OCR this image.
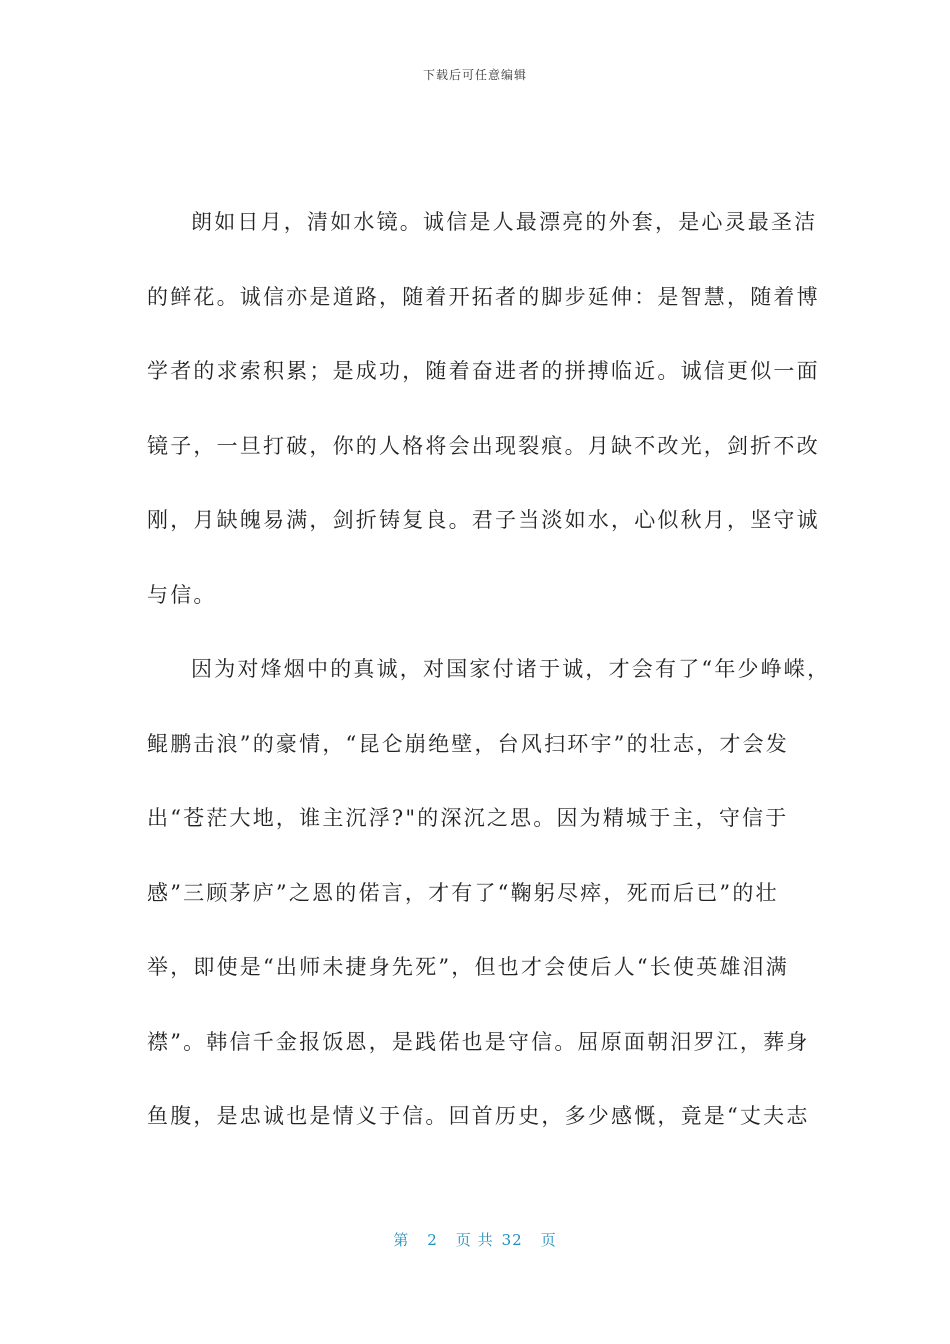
下载后可任意编辑
朗如日月，清如水镜。诚信是人最漂亮的外套，是心灵最圣洁
的鲜花。诚信亦是道路，随着开拓者的脚步延伸：是智慧，随着博
学者的求索积累；是成功，随着奋进者的拼搏临近。诚信更似一面
镜子，一旦打破，你的人格将会出现裂痕。月缺不改光，剑折不改
刚，月缺魄易满，剑折铸复良。君子当淡如水，心似秋月，坚守诚
与信。
因为对烽烟中的真诚，对国家付诸于诚，才会有了“年少峥嵘，
鲲鹏击浪”的豪情，“昆仑崩绝壁，台风扫环宇”的壮志，才会发
出“苍茫大地，谁主沉浮?"的深沉之思。因为精城于主，守信于
感”三顾茅庐”之恩的偌言，才有了“鞠躬尽瘁，死而后已”的壮
举，即使是“出师未捷身先死”，但也才会使后人“长使英雄泪满
襟”。韩信千金报饭恩，是践偌也是守信。屈原面朝汨罗江，葬身
鱼腹，是忠诚也是情义于信。回首历史，多少感慨，竟是“丈夫志
第 2 页 共 32 页
